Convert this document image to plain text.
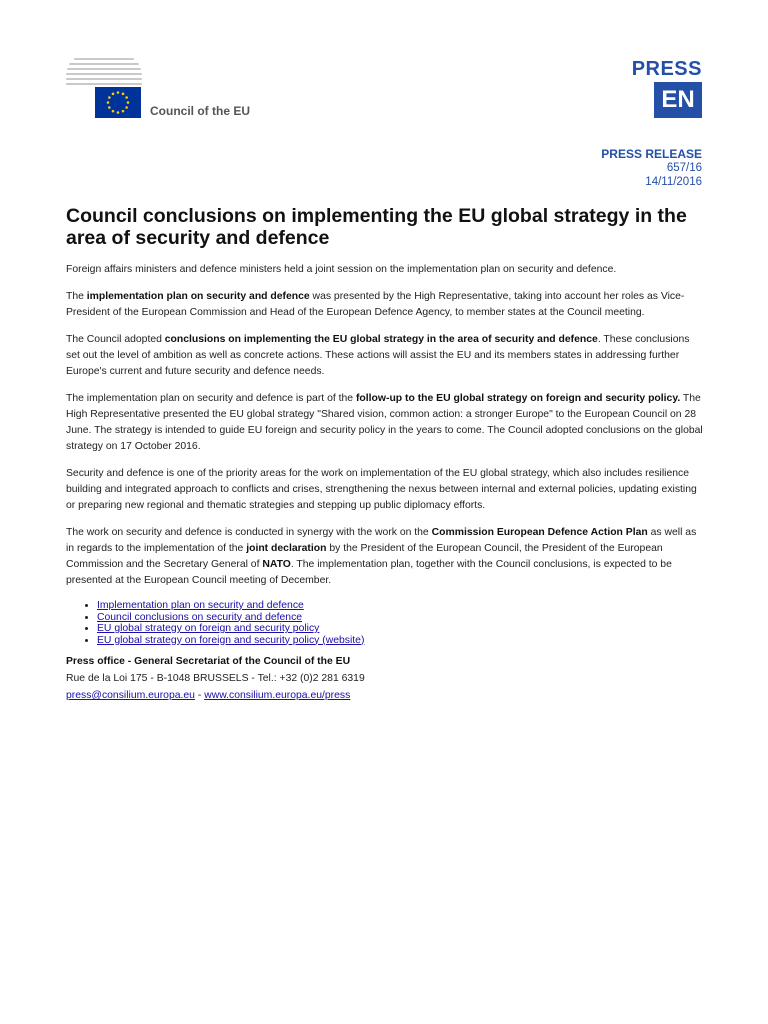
Council of the EU
PRESS
EN
PRESS RELEASE
657/16
14/11/2016
Council conclusions on implementing the EU global strategy in the area of security and defence

Foreign affairs ministers and defence ministers held a joint session on the implementation plan on security and defence.

The implementation plan on security and defence was presented by the High Representative, taking into account her roles as Vice-President of the European Commission and Head of the European Defence Agency, to member states at the Council meeting.

The Council adopted conclusions on implementing the EU global strategy in the area of security and defence. These conclusions set out the level of ambition as well as concrete actions. These actions will assist the EU and its members states in addressing further Europe's current and future security and defence needs.

The implementation plan on security and defence is part of the follow-up to the EU global strategy on foreign and security policy. The High Representative presented the EU global strategy "Shared vision, common action: a stronger Europe" to the European Council on 28 June. The strategy is intended to guide EU foreign and security policy in the years to come. The Council adopted conclusions on the global strategy on 17 October 2016.

Security and defence is one of the priority areas for the work on implementation of the EU global strategy, which also includes resilience building and integrated approach to conflicts and crises, strengthening the nexus between internal and external policies, updating existing or preparing new regional and thematic strategies and stepping up public diplomacy efforts.

The work on security and defence is conducted in synergy with the work on the Commission European Defence Action Plan as well as in regards to the implementation of the joint declaration by the President of the European Council, the President of the European Commission and the Secretary General of NATO. The implementation plan, together with the Council conclusions, is expected to be presented at the European Council meeting of December.

• Implementation plan on security and defence
• Council conclusions on security and defence
• EU global strategy on foreign and security policy
• EU global strategy on foreign and security policy (website)
Press office - General Secretariat of the Council of the EU
Rue de la Loi 175 - B-1048 BRUSSELS - Tel.: +32 (0)2 281 6319
press@consilium.europa.eu - www.consilium.europa.eu/press
